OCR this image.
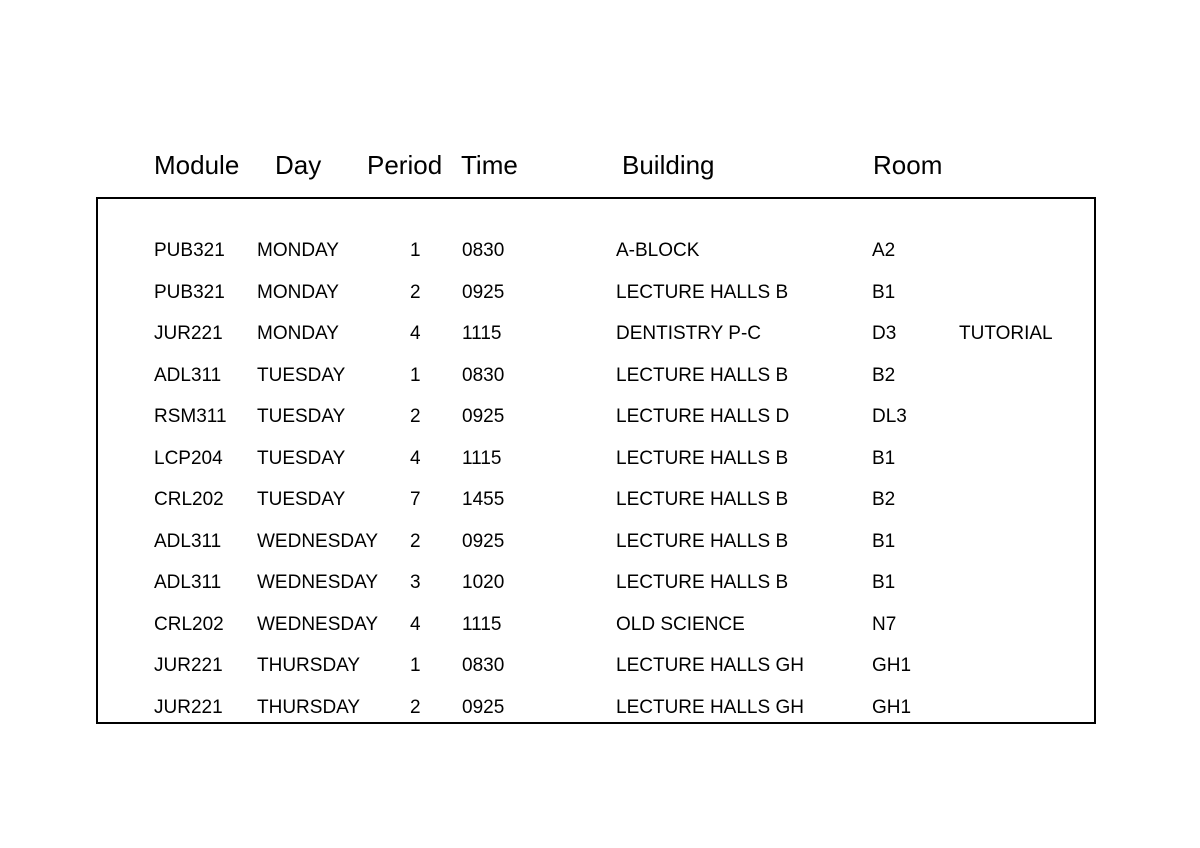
Module Day Period Time	Building	Room
PUB321 MONDAY	1 0830	A-BLOCK	A2
PUB321 MONDAY	2 0925	LECTURE HALLS B	B1
JUR221 MONDAY	4 1115	DENTISTRY P-C	D3	TUTORIAL
ADL311 TUESDAY	1 0830	LECTURE HALLS B	B2
RSM311 TUESDAY	2 0925	LECTURE HALLS D	DL3
LCP204 TUESDAY	4 1115	LECTURE HALLS B	B1
CRL202 TUESDAY	7 1455	LECTURE HALLS B	B2
ADL311 WEDNESDAY 2 0925	LECTURE HALLS B	B1
ADL311 WEDNESDAY 3 1020	LECTURE HALLS B	B1
CRL202 WEDNESDAY 4 1115	OLD SCIENCE	N7
JUR221 THURSDAY	1 0830	LECTURE HALLS GH	GH1
JUR221 THURSDAY	2 0925	LECTURE HALLS GH	GH1
